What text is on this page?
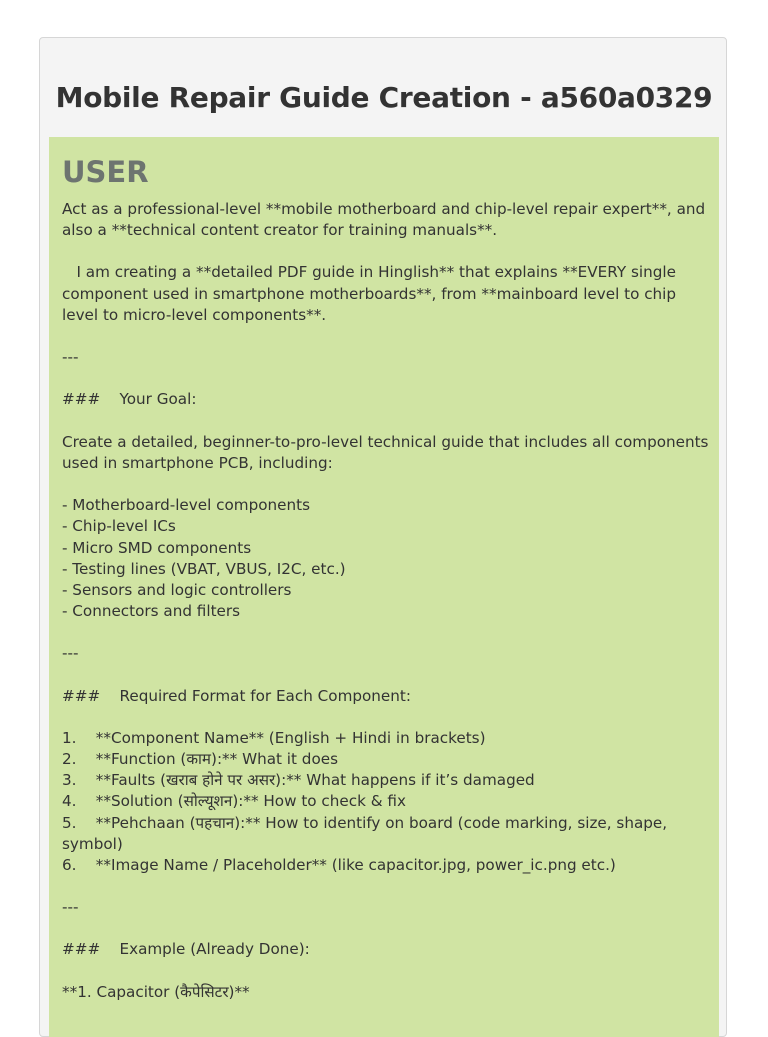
Mobile Repair Guide Creation - a560a0329
USER
Act as a professional-level **mobile motherboard and chip-level repair expert**, and also a **technical content creator for training manuals**.

I am creating a **detailed PDF guide in Hinglish** that explains **EVERY single component used in smartphone motherboards**, from **mainboard level to chip level to micro-level components**.

---

###    Your Goal:

Create a detailed, beginner-to-pro-level technical guide that includes all components used in smartphone PCB, including:

- Motherboard-level components
- Chip-level ICs
- Micro SMD components
- Testing lines (VBAT, VBUS, I2C, etc.)
- Sensors and logic controllers
- Connectors and filters

---

###    Required Format for Each Component:

1.    **Component Name** (English + Hindi in brackets)
2.    **Function (काम):** What it does
3.    **Faults (खराब होने पर असर):** What happens if it’s damaged
4.    **Solution (सोल्यूशन):** How to check & fix
5.    **Pehchaan (पहचान):** How to identify on board (code marking, size, shape, symbol)
6.    **Image Name / Placeholder** (like capacitor.jpg, power_ic.png etc.)

---

###    Example (Already Done):

**1. Capacitor (कैपेसिटर)**
